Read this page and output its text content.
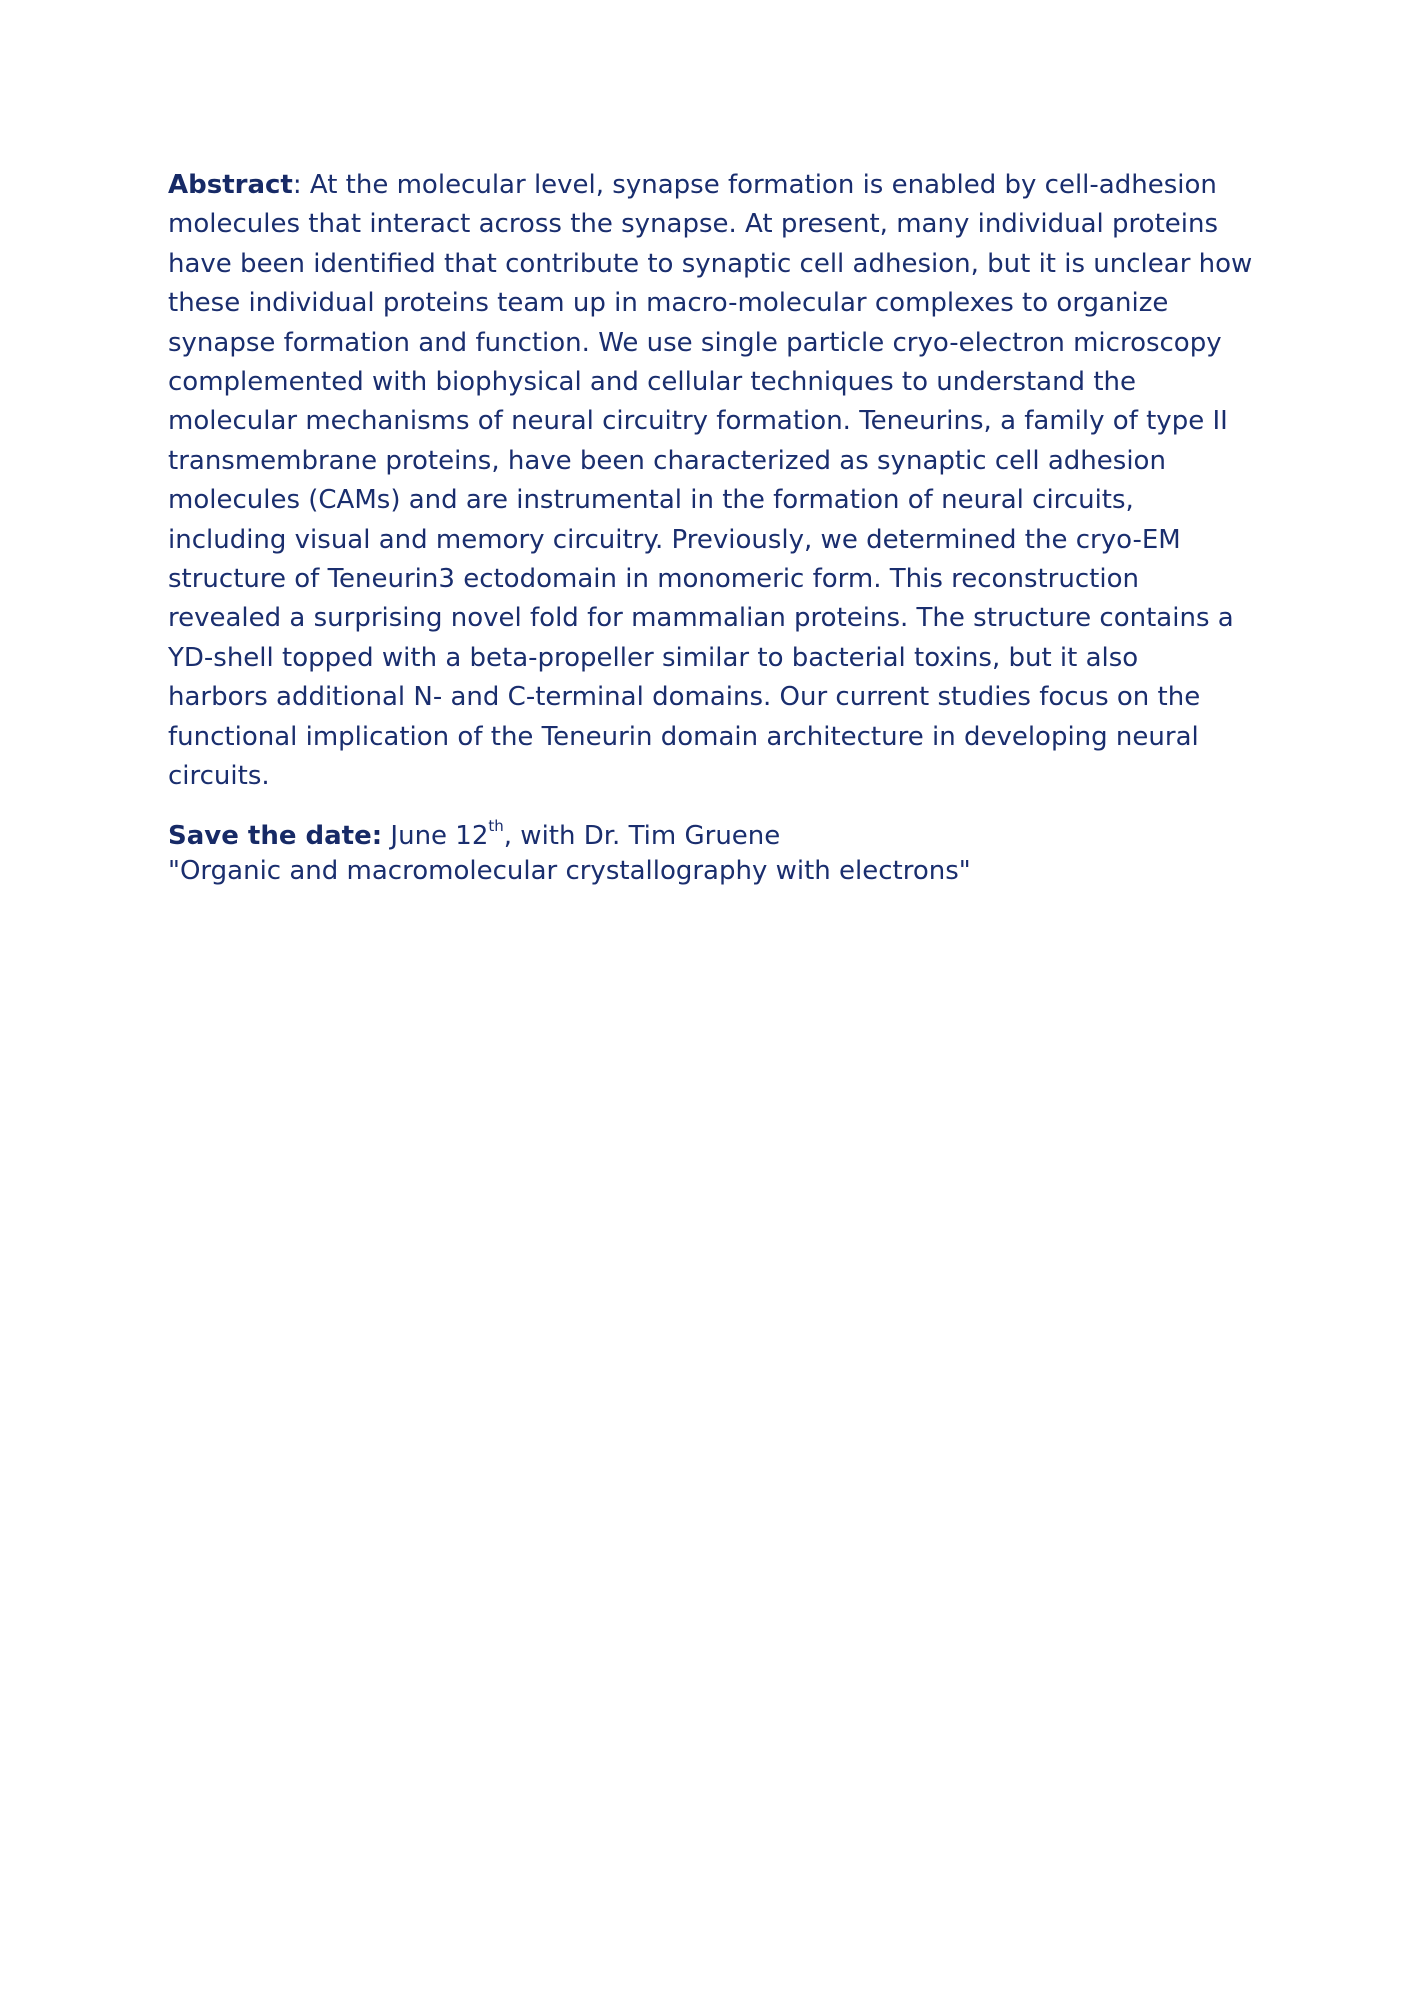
Abstract: At the molecular level, synapse formation is enabled by cell-adhesion
molecules that interact across the synapse. At present, many individual proteins
have been identified that contribute to synaptic cell adhesion, but it is unclear how
these individual proteins team up in macro-molecular complexes to organize
synapse formation and function. We use single particle cryo-electron microscopy
complemented with biophysical and cellular techniques to understand the
molecular mechanisms of neural circuitry formation. Teneurins, a family of type II
transmembrane proteins, have been characterized as synaptic cell adhesion
molecules (CAMs) and are instrumental in the formation of neural circuits,
including visual and memory circuitry. Previously, we determined the cryo-EM
structure of Teneurin3 ectodomain in monomeric form. This reconstruction
revealed a surprising novel fold for mammalian proteins. The structure contains a
YD-shell topped with a beta-propeller similar to bacterial toxins, but it also
harbors additional N- and C-terminal domains. Our current studies focus on the
functional implication of the Teneurin domain architecture in developing neural
circuits.

Save the date: June 12th, with Dr. Tim Gruene
"Organic and macromolecular crystallography with electrons"
